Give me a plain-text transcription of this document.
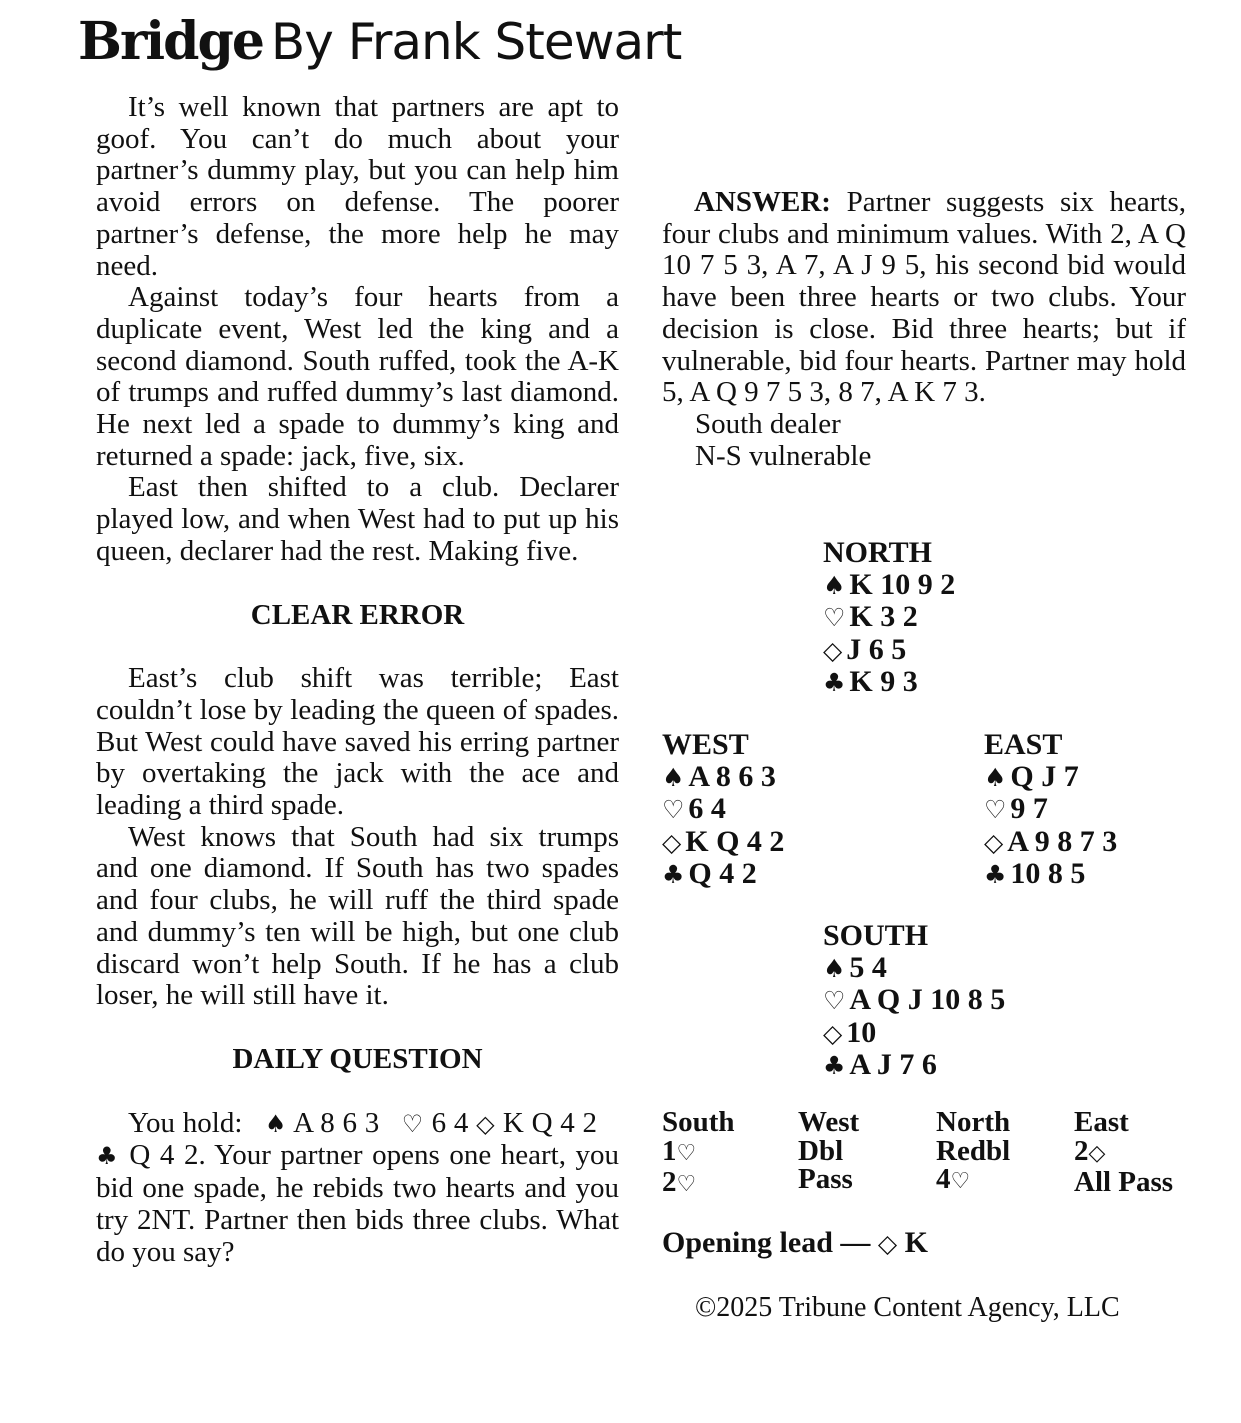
Bridge By Frank Stewart

It’s well known that partners are apt to goof. You can’t do much about your partner’s dummy play, but you can help him avoid errors on defense. The poorer partner’s defense, the more help he may need.

Against today’s four hearts from a duplicate event, West led the king and a second diamond. South ruffed, took the A-K of trumps and ruffed dummy’s last diamond. He next led a spade to dummy’s king and returned a spade: jack, five, six.

East then shifted to a club. Declarer played low, and when West had to put up his queen, declarer had the rest. Making five.

CLEAR ERROR

East’s club shift was terrible; East couldn’t lose by leading the queen of spades. But West could have saved his erring partner by overtaking the jack with the ace and leading a third spade.

West knows that South had six trumps and one diamond. If South has two spades and four clubs, he will ruff the third spade and dummy’s ten will be high, but one club discard won’t help South. If he has a club loser, he will still have it.

DAILY QUESTION

You hold: ♠ A 8 6 3 ♡ 6 4 ◇ K Q 4 2♣ Q 4 2. Your partner opens one heart, you bid one spade, he rebids two hearts and you try 2NT. Partner then bids three clubs. What do you say?

ANSWER: Partner suggests six hearts, four clubs and minimum values. With 2, A Q 10 7 5 3, A 7, A J 9 5, his second bid would have been three hearts or two clubs. Your decision is close. Bid three hearts; but if vulnerable, bid four hearts. Partner may hold 5, A Q 9 7 5 3, 8 7, A K 7 3.

South dealer
N-S vulnerable
NORTH
♠ K 10 9 2
♡ K 3 2
◇ J 6 5
♣ K 9 3
WEST
♠ A 8 6 3
♡ 6 4
◇ K Q 4 2
♣ Q 4 2
EAST
♠ Q J 7
♡ 9 7
◇ A 9 8 7 3
♣ 10 8 5
SOUTH
♠ 5 4
♡ A Q J 10 8 5
◇ 10
♣ A J 7 6
South
1♡
2♡
West
Dbl
Pass
North
Redbl
4♡
East
2◇
All Pass
Opening lead — ◇ K
©2025 Tribune Content Agency, LLC
